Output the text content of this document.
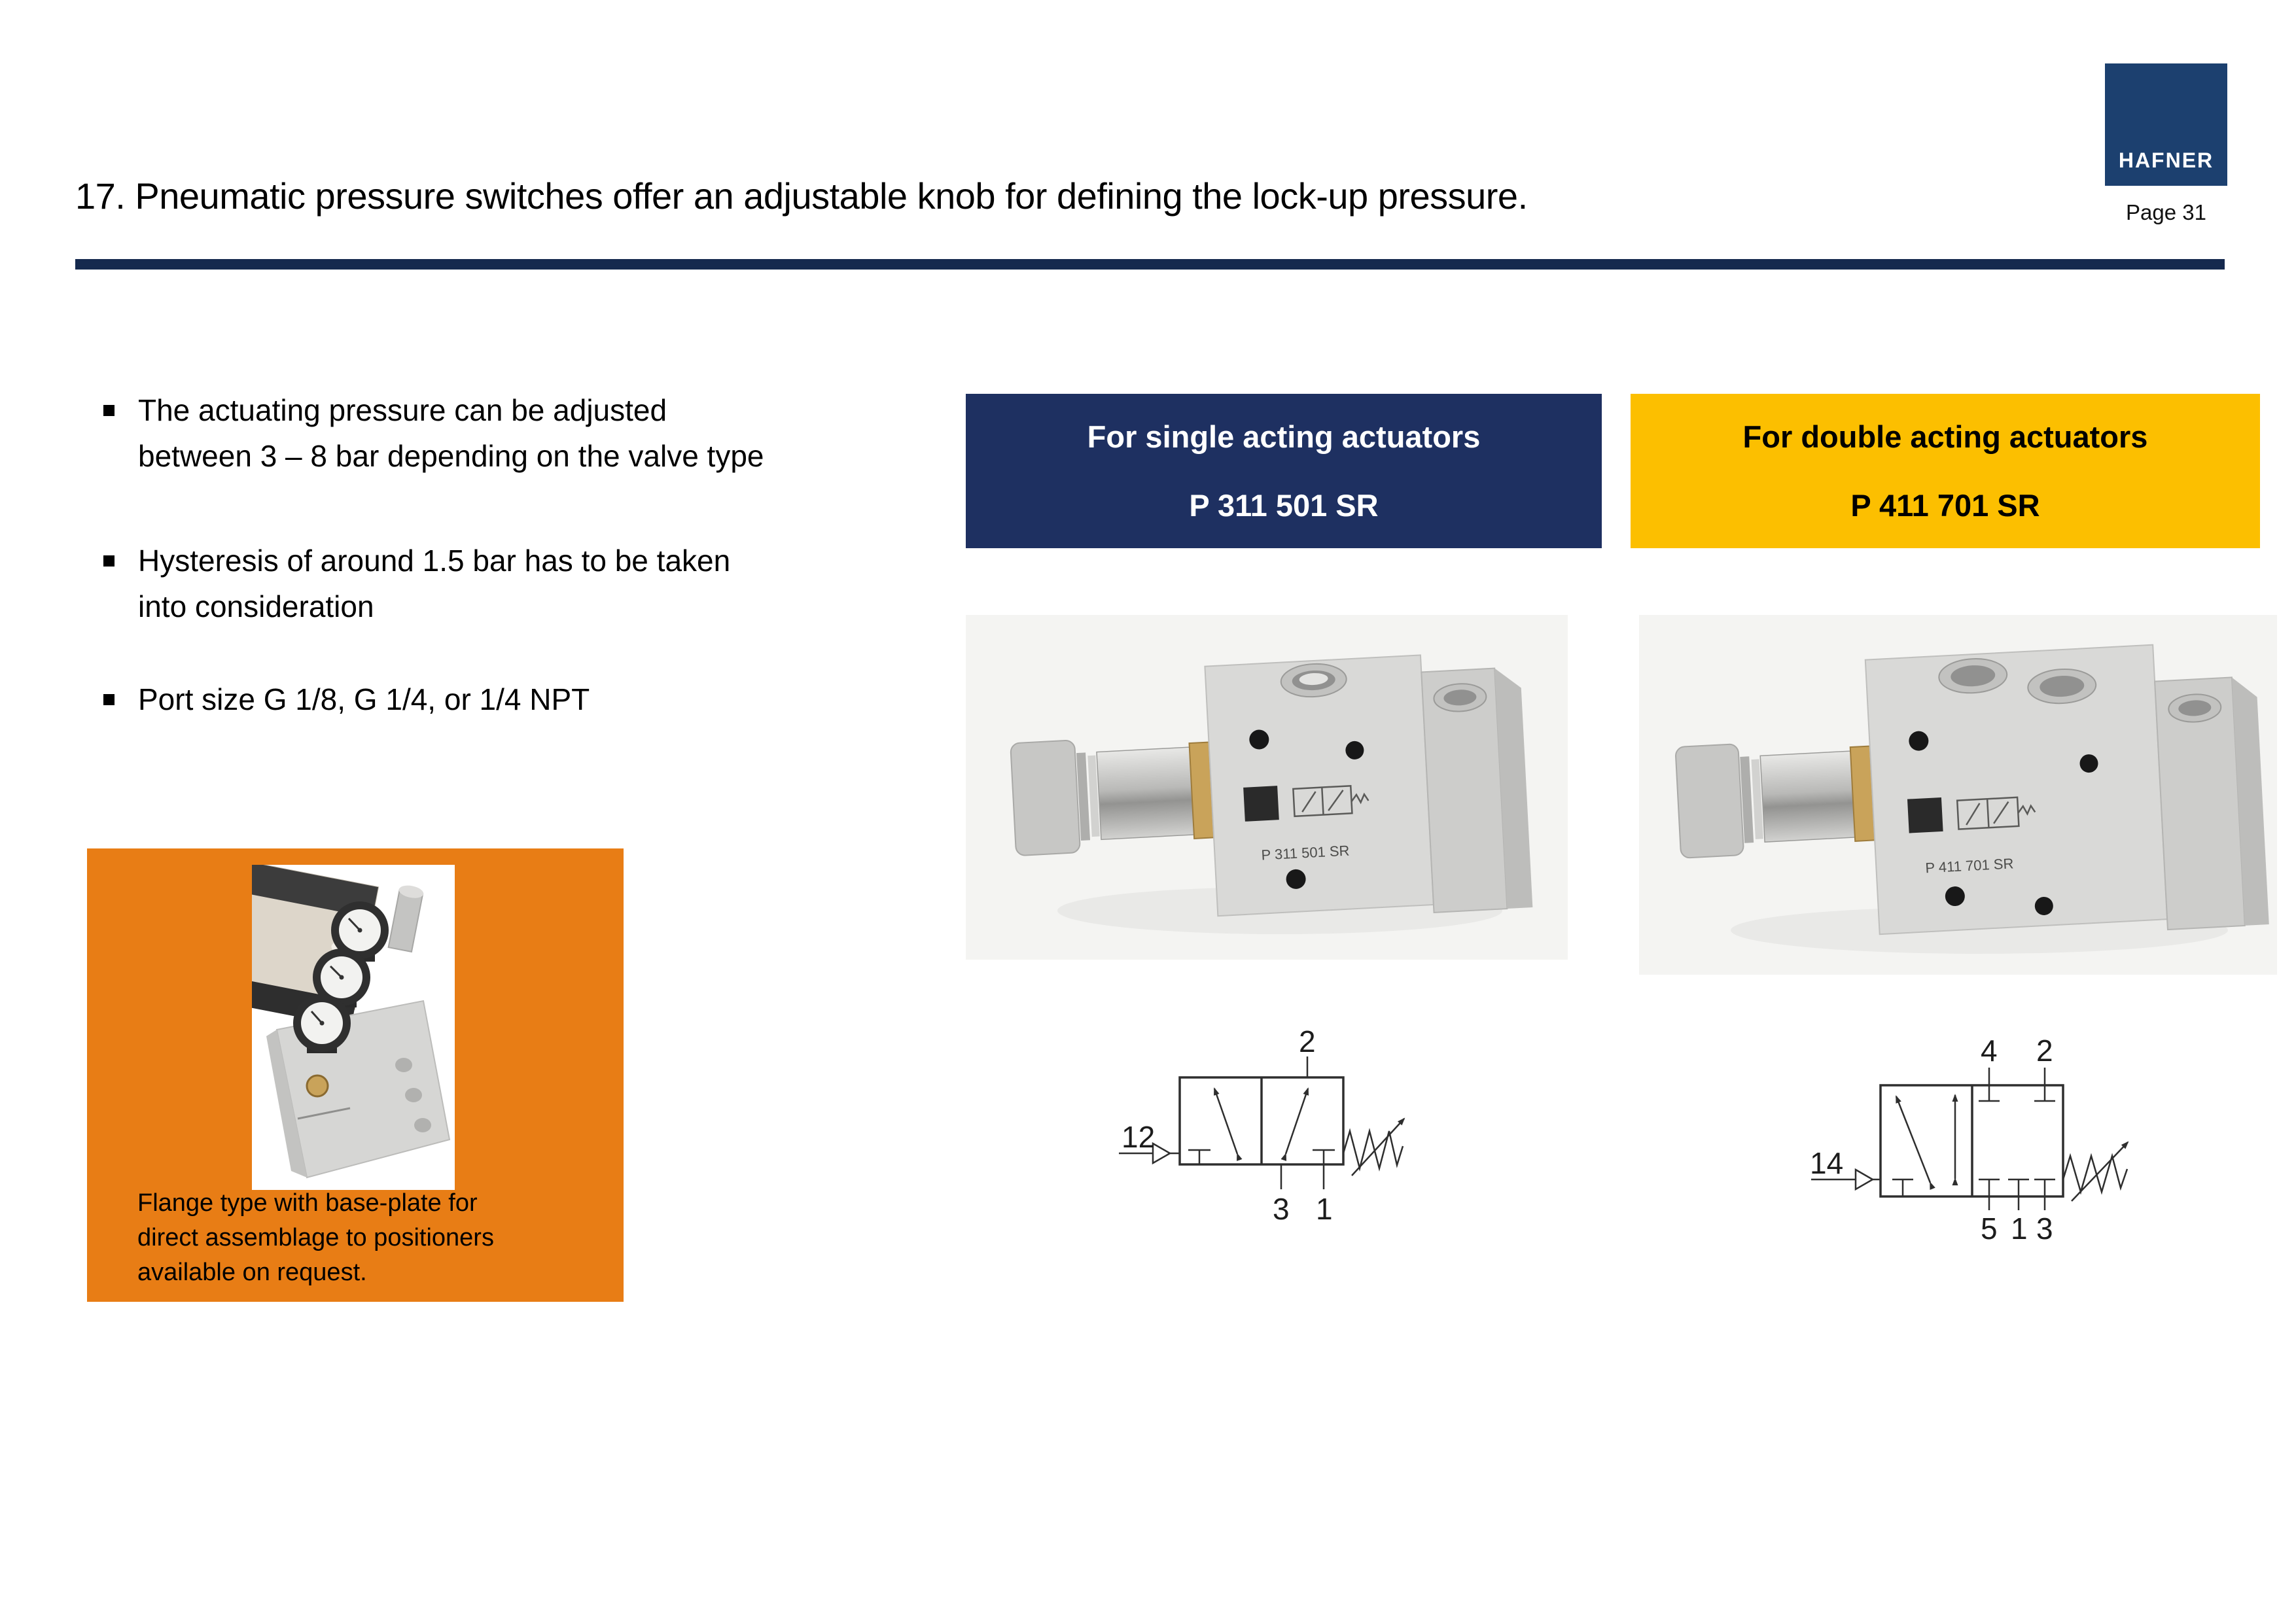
17. Pneumatic pressure switches offer an adjustable knob for defining the lock-up pressure.
HAFNER
Page 31
The actuating pressure can be adjusted
between 3 – 8 bar depending on the valve type
Hysteresis of around 1.5 bar has to be taken
into consideration
Port size G 1/8, G 1/4, or 1/4 NPT
Flange type with base-plate for
direct assemblage to positioners
available on request.
For single acting actuators
P 311 501 SR
For double acting actuators
P 411 701 SR
P 311 501 SR
P 411 701 SR
12
2
3 1
14
4 2
5 1 3
